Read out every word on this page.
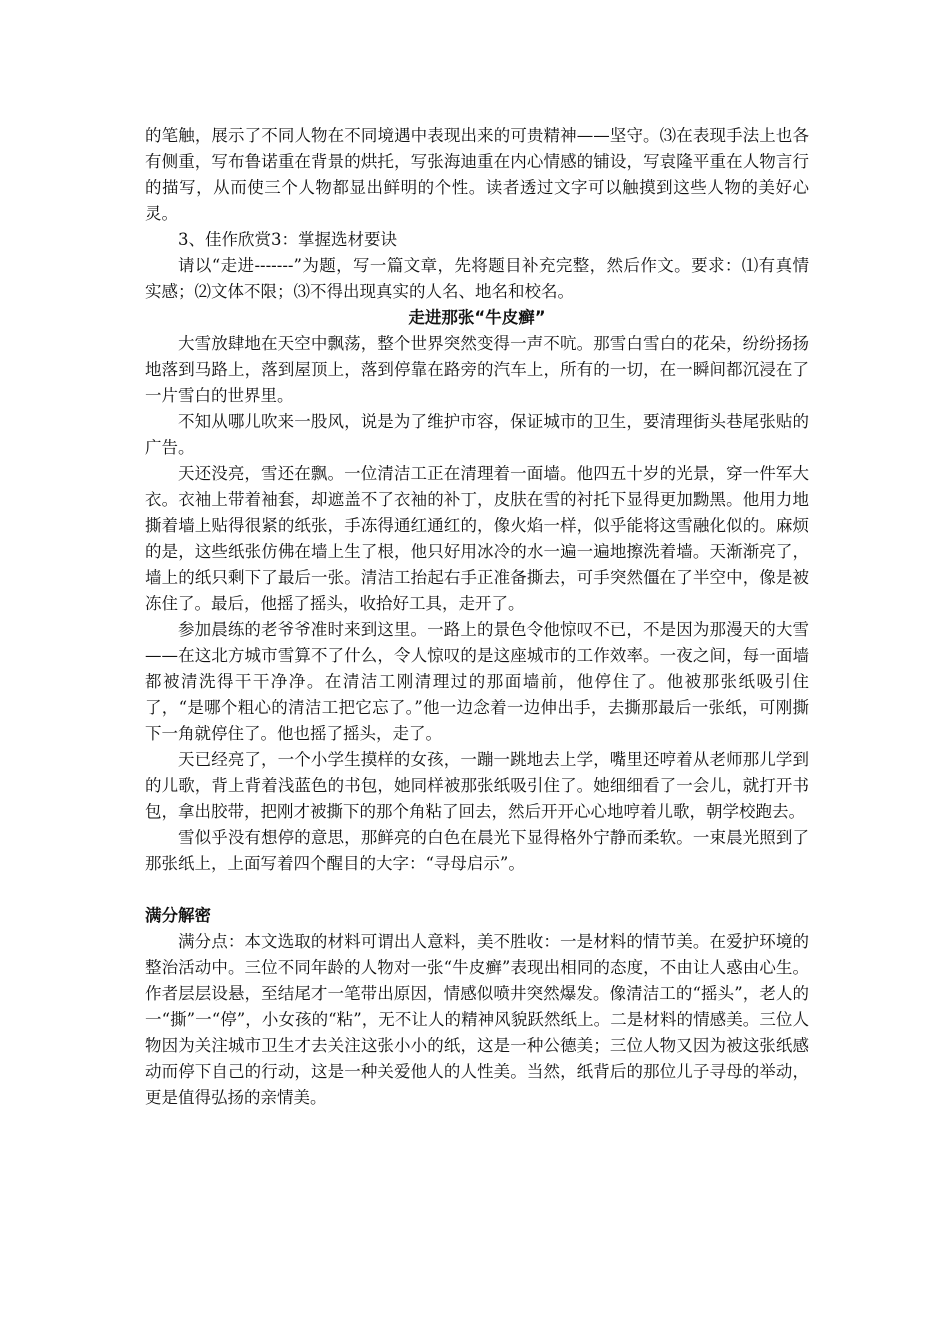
的笔触，展示了不同人物在不同境遇中表现出来的可贵精神——坚守。⑶在表现手法上也各有侧重，写布鲁诺重在背景的烘托，写张海迪重在内心情感的铺设，写袁隆平重在人物言行的描写，从而使三个人物都显出鲜明的个性。读者透过文字可以触摸到这些人物的美好心灵。

3、佳作欣赏3：掌握选材要诀

请以“走进-------”为题，写一篇文章，先将题目补充完整，然后作文。要求：⑴有真情实感；⑵文体不限；⑶不得出现真实的人名、地名和校名。

走进那张“牛皮癣”

大雪放肆地在天空中飘荡，整个世界突然变得一声不吭。那雪白雪白的花朵，纷纷扬扬地落到马路上，落到屋顶上，落到停靠在路旁的汽车上，所有的一切，在一瞬间都沉浸在了一片雪白的世界里。

不知从哪儿吹来一股风，说是为了维护市容，保证城市的卫生，要清理街头巷尾张贴的广告。

天还没亮，雪还在飘。一位清洁工正在清理着一面墙。他四五十岁的光景，穿一件军大衣。衣袖上带着袖套，却遮盖不了衣袖的补丁，皮肤在雪的衬托下显得更加黝黑。他用力地撕着墙上贴得很紧的纸张，手冻得通红通红的，像火焰一样，似乎能将这雪融化似的。麻烦的是，这些纸张仿佛在墙上生了根，他只好用冰冷的水一遍一遍地擦洗着墙。天渐渐亮了，墙上的纸只剩下了最后一张。清洁工抬起右手正准备撕去，可手突然僵在了半空中，像是被冻住了。最后，他摇了摇头，收拾好工具，走开了。

参加晨练的老爷爷准时来到这里。一路上的景色令他惊叹不已，不是因为那漫天的大雪——在这北方城市雪算不了什么，令人惊叹的是这座城市的工作效率。一夜之间，每一面墙都被清洗得干干净净。在清洁工刚清理过的那面墙前，他停住了。他被那张纸吸引住了，“是哪个粗心的清洁工把它忘了。”他一边念着一边伸出手，去撕那最后一张纸，可刚撕下一角就停住了。他也摇了摇头，走了。

天已经亮了，一个小学生摸样的女孩，一蹦一跳地去上学，嘴里还哼着从老师那儿学到的儿歌，背上背着浅蓝色的书包，她同样被那张纸吸引住了。她细细看了一会儿，就打开书包，拿出胶带，把刚才被撕下的那个角粘了回去，然后开开心心地哼着儿歌，朝学校跑去。

雪似乎没有想停的意思，那鲜亮的白色在晨光下显得格外宁静而柔软。一束晨光照到了那张纸上，上面写着四个醒目的大字：“寻母启示”。

满分解密

满分点：本文选取的材料可谓出人意料，美不胜收：一是材料的情节美。在爱护环境的整治活动中。三位不同年龄的人物对一张“牛皮癣”表现出相同的态度，不由让人惑由心生。作者层层设悬，至结尾才一笔带出原因，情感似喷井突然爆发。像清洁工的“摇头”，老人的一“撕”一“停”，小女孩的“粘”，无不让人的精神风貌跃然纸上。二是材料的情感美。三位人物因为关注城市卫生才去关注这张小小的纸，这是一种公德美；三位人物又因为被这张纸感动而停下自己的行动，这是一种关爱他人的人性美。当然，纸背后的那位儿子寻母的举动，更是值得弘扬的亲情美。
